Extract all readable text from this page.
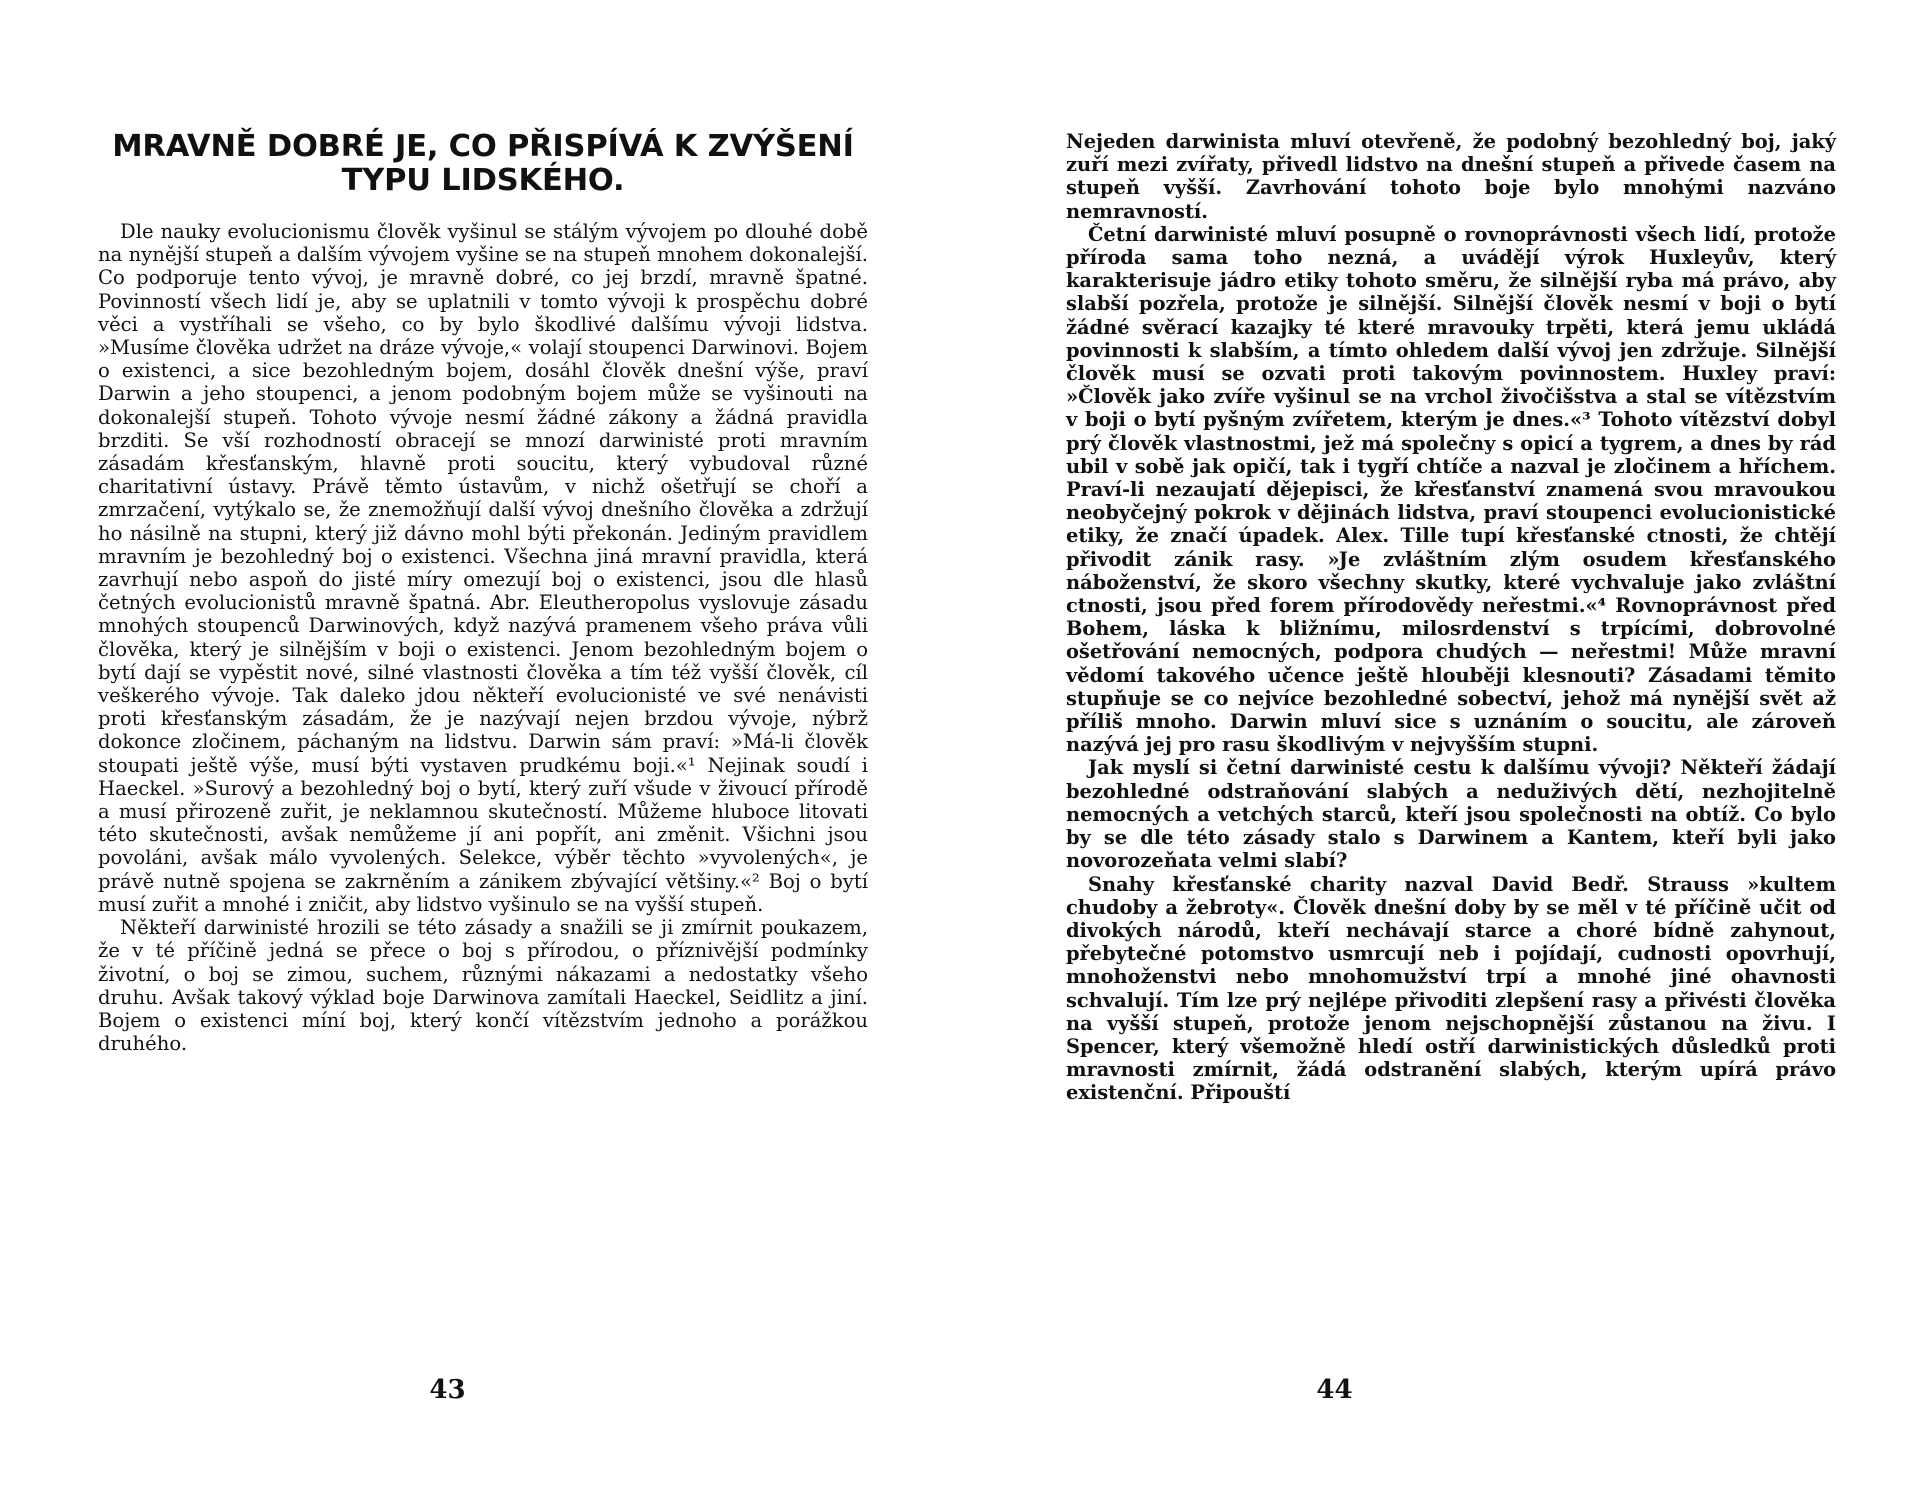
MRAVNĚ DOBRÉ JE, CO PŘISPÍVÁ K ZVÝŠENÍ TYPU LIDSKÉHO.

Dle nauky evolucionismu člověk vyšinul se stálým vývojem po dlouhé době na nynější stupeň a dalším vývojem vyšine se na stupeň mnohem dokonalejší. Co podporuje tento vývoj, je mravně dobré, co jej brzdí, mravně špatné. Povinností všech lidí je, aby se uplatnili v tomto vývoji k prospěchu dobré věci a vystříhali se všeho, co by bylo škodlivé dalšímu vývoji lidstva. »Musíme člověka udržet na dráze vývoje,« volají stoupenci Darwinovi. Bojem o existenci, a sice bezohledným bojem, dosáhl člověk dnešní výše, praví Darwin a jeho stoupenci, a jenom podobným bojem může se vyšinouti na dokonalejší stupeň. Tohoto vývoje nesmí žádné zákony a žádná pravidla brzditi. Se vší rozhodností obracejí se mnozí darwinisté proti mravním zásadám křesťanským, hlavně proti soucitu, který vybudoval různé charitativní ústavy. Právě těmto ústavům, v nichž ošetřují se choří a zmrzačení, vytýkalo se, že znemožňují další vývoj dnešního člověka a zdržují ho násilně na stupni, který již dávno mohl býti překonán. Jediným pravidlem mravním je bezohledný boj o existenci. Všechna jiná mravní pravidla, která zavrhují nebo aspoň do jisté míry omezují boj o existenci, jsou dle hlasů četných evolucionistů mravně špatná. Abr. Eleutheropolus vyslovuje zásadu mnohých stoupenců Darwinových, když nazývá pramenem všeho práva vůli člověka, který je silnějším v boji o existenci. Jenom bezohledným bojem o bytí dají se vypěstit nové, silné vlastnosti člověka a tím též vyšší člověk, cíl veškerého vývoje. Tak daleko jdou někteří evolucionisté ve své nenávisti proti křesťanským zásadám, že je nazývají nejen brzdou vývoje, nýbrž dokonce zločinem, páchaným na lidstvu. Darwin sám praví: »Má-li člověk stoupati ještě výše, musí býti vystaven prudkému boji.«¹ Nejinak soudí i Haeckel. »Surový a bezohledný boj o bytí, který zuří všude v živoucí přírodě a musí přirozeně zuřit, je neklamnou skutečností. Můžeme hluboce litovati této skutečnosti, avšak nemůžeme jí ani popřít, ani změnit. Všichni jsou povoláni, avšak málo vyvolených. Selekce, výběr těchto »vyvolených«, je právě nutně spojena se zakrněním a zánikem zbývající většiny.«² Boj o bytí musí zuřit a mnohé i zničit, aby lidstvo vyšinulo se na vyšší stupeň.

Někteří darwinisté hrozili se této zásady a snažili se ji zmírnit poukazem, že v té příčině jedná se přece o boj s přírodou, o příznivější podmínky životní, o boj se zimou, suchem, různými nákazami a nedostatky všeho druhu. Avšak takový výklad boje Darwinova zamítali Haeckel, Seidlitz a jiní. Bojem o existenci míní boj, který končí vítězstvím jednoho a porážkou druhého.

43

Nejeden darwinista mluví otevřeně, že podobný bezohledný boj, jaký zuří mezi zvířaty, přivedl lidstvo na dnešní stupeň a přivede časem na stupeň vyšší. Zavrhování tohoto boje bylo mnohými nazváno nemravností.

Četní darwinisté mluví posupně o rovnoprávnosti všech lidí, protože příroda sama toho nezná, a uvádějí výrok Huxleyův, který karakterisuje jádro etiky tohoto směru, že silnější ryba má právo, aby slabší pozřela, protože je silnější. Silnější člověk nesmí v boji o bytí žádné svěrací kazajky té které mravouky trpěti, která jemu ukládá povinnosti k slabším, a tímto ohledem další vývoj jen zdržuje. Silnější člověk musí se ozvati proti takovým povinnostem. Huxley praví: »Člověk jako zvíře vyšinul se na vrchol živočišstva a stal se vítězstvím v boji o bytí pyšným zvířetem, kterým je dnes.«³ Tohoto vítězství dobyl prý člověk vlastnostmi, jež má společny s opicí a tygrem, a dnes by rád ubil v sobě jak opičí, tak i tygří chtíče a nazval je zločinem a hříchem. Praví-li nezaujatí dějepisci, že křesťanství znamená svou mravoukou neobyčejný pokrok v dějinách lidstva, praví stoupenci evolucionistické etiky, že značí úpadek. Alex. Tille tupí křesťanské ctnosti, že chtějí přivodit zánik rasy. »Je zvláštním zlým osudem křesťanského náboženství, že skoro všechny skutky, které vychvaluje jako zvláštní ctnosti, jsou před forem přírodovědy neřestmi.«⁴ Rovnoprávnost před Bohem, láska k bližnímu, milosrdenství s trpícími, dobrovolné ošetřování nemocných, podpora chudých — neřestmi! Může mravní vědomí takového učence ještě hlouběji klesnouti? Zásadami těmito stupňuje se co nejvíce bezohledné sobectví, jehož má nynější svět až příliš mnoho. Darwin mluví sice s uznáním o soucitu, ale zároveň nazývá jej pro rasu škodlivým v nejvyšším stupni.

Jak myslí si četní darwinisté cestu k dalšímu vývoji? Někteří žádají bezohledné odstraňování slabých a neduživých dětí, nezhojitelně nemocných a vetchých starců, kteří jsou společnosti na obtíž. Co bylo by se dle této zásady stalo s Darwinem a Kantem, kteří byli jako novorozeňata velmi slabí?

Snahy křesťanské charity nazval David Bedř. Strauss »kultem chudoby a žebroty«. Člověk dnešní doby by se měl v té příčině učit od divokých národů, kteří nechávají starce a choré bídně zahynout, přebytečné potomstvo usmrcují neb i pojídají, cudnosti opovrhují, mnohoženstvi nebo mnohomužství trpí a mnohé jiné ohavnosti schvalují. Tím lze prý nejlépe přivoditi zlepšení rasy a přivésti člověka na vyšší stupeň, protože jenom nejschopnější zůstanou na živu. I Spencer, který všemožně hledí ostří darwinistických důsledků proti mravnosti zmírnit, žádá odstranění slabých, kterým upírá právo existenční. Připouští

44
